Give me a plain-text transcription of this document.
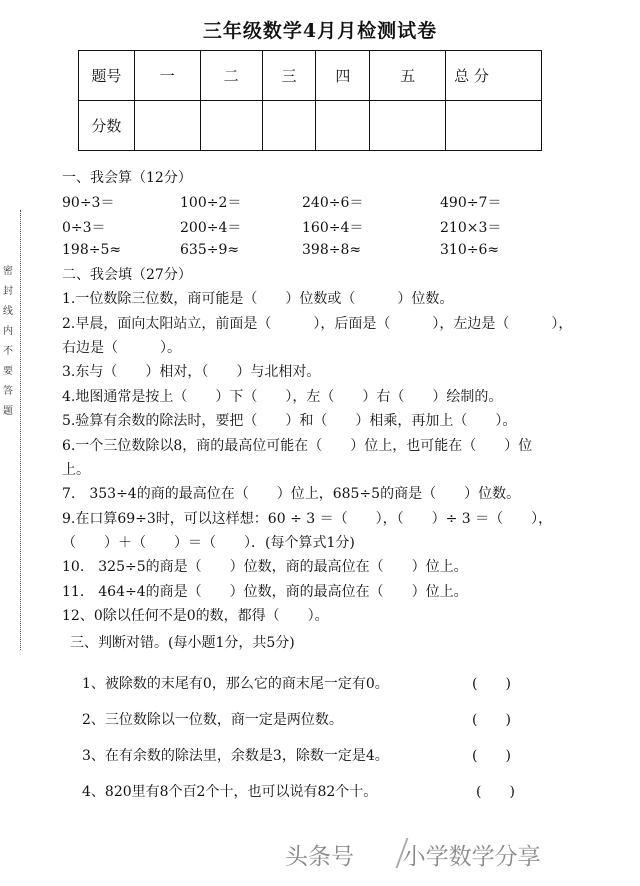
三年级数学4月月检测试卷
密封线内不要答题
题号	一	二	三	四	五	总 分
分数						
一、我会算（12分）
90÷3＝	100÷2＝	240÷6＝	490÷7＝
0÷3＝	200÷4＝	160÷4＝	210×3＝
198÷5≈	635÷9≈	398÷8≈	310÷6≈
二、我会填（27分）
1.一位数除三位数，商可能是（　　）位数或（　　　）位数。
2.早晨，面向太阳站立，前面是（　　　），后面是（　　　），左边是（　　　），
右边是（　　　）。
3.东与（　　）相对，（　　）与北相对。
4.地图通常是按上（　　）下（　　），左（　　）右（　　）绘制的。
5.验算有余数的除法时，要把（　　）和（　　）相乘，再加上（　　）。
6.一个三位数除以8，商的最高位可能在（　　）位上，也可能在（　　）位
上。
7.　353÷4的商的最高位在（　　）位上，685÷5的商是（　　）位数。
9.在口算69÷3时，可以这样想：60 ÷ 3 ＝（　　），（　　）÷ 3 ＝（　　），
（　　）＋（　　）＝（　　）．(每个算式1分)
10.　325÷5的商是（　　）位数，商的最高位在（　　）位上。
11.　464÷4的商是（　　）位数，商的最高位在（　　）位上。
12、0除以任何不是0的数，都得（　　）。
三、判断对错。(每小题1分，共5分)
1、被除数的末尾有0，那么它的商末尾一定有0。	(　　)
2、三位数除以一位数，商一定是两位数。	(　　)
3、在有余数的除法里，余数是3，除数一定是4。	(　　)
4、820里有8个百2个十，也可以说有82个十。	(　　)
头条号 小学数学分享
